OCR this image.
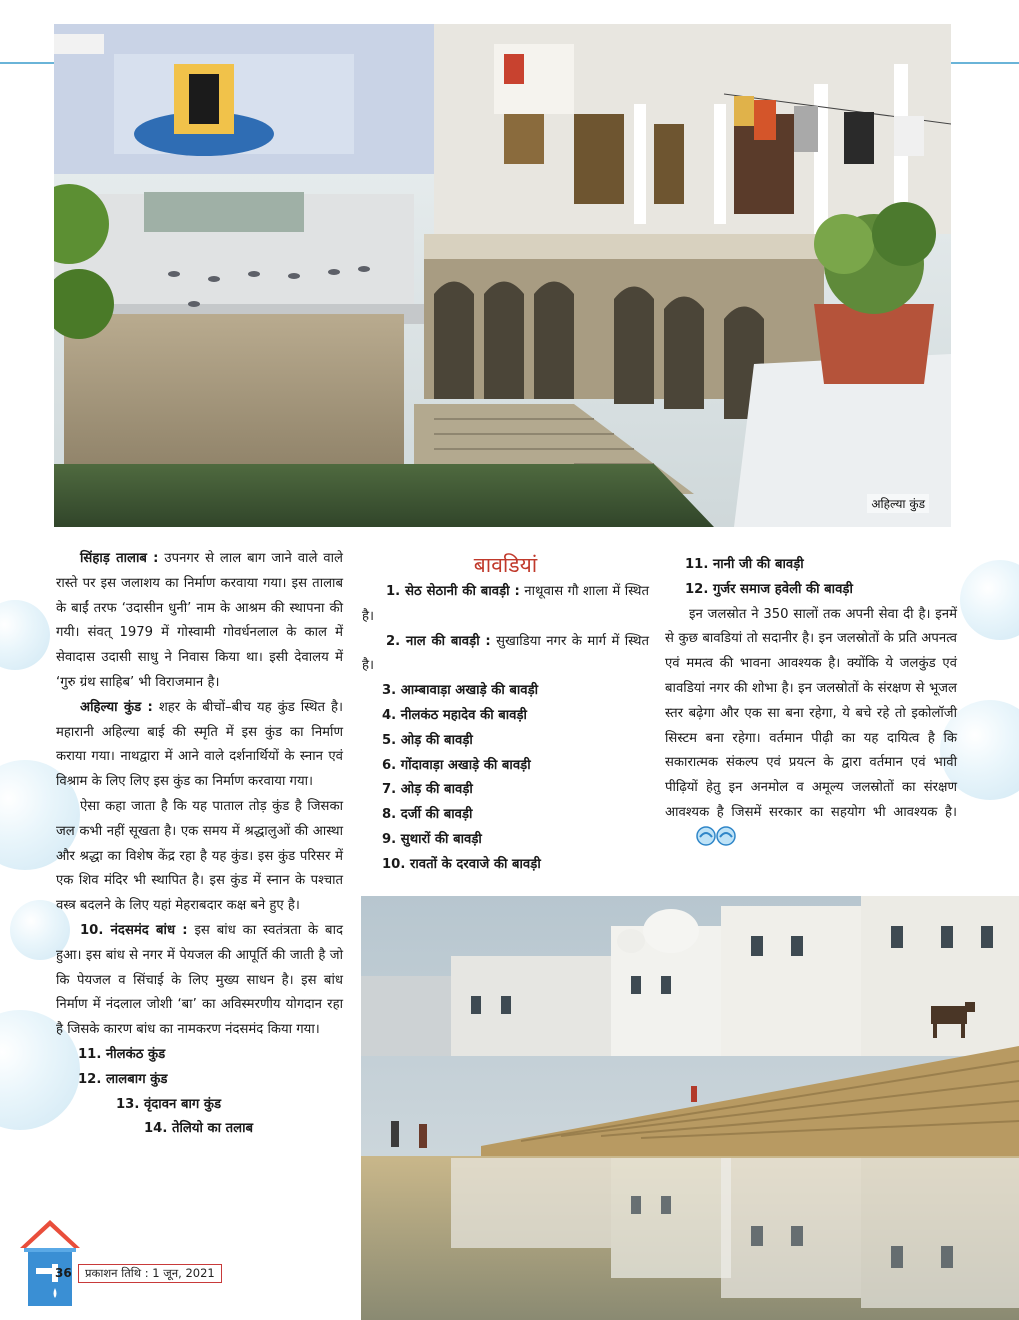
अहिल्या कुंड

सिंहाड़ तालाब : उपनगर से लाल बाग जाने वाले वाले रास्ते पर इस जलाशय का निर्माण करवाया गया। इस तालाब के बाईं तरफ ‘उदासीन धुनी’ नाम के आश्रम की स्थापना की गयी। संवत् 1979 में गोस्वामी गोवर्धनलाल के काल में सेवादास उदासी साधु ने निवास किया था। इसी देवालय में ‘गुरु ग्रंथ साहिब’ भी विराजमान है।

अहिल्या कुंड : शहर के बीचों–बीच यह कुंड स्थित है। महारानी अहिल्या बाई की स्मृति में इस कुंड का निर्माण कराया गया। नाथद्वारा में आने वाले दर्शनार्थियों के स्नान एवं विश्राम के लिए लिए इस कुंड का निर्माण करवाया गया।

ऐसा कहा जाता है कि यह पाताल तोड़ कुंड है जिसका जल कभी नहीं सूखता है। एक समय में श्रद्धालुओं की आस्था और श्रद्धा का विशेष केंद्र रहा है यह कुंड। इस कुंड परिसर में एक शिव मंदिर भी स्थापित है। इस कुंड में स्नान के पश्चात वस्त्र बदलने के लिए यहां मेहराबदार कक्ष बने हुए है।

10. नंदसमंद बांध : इस बांध का स्वतंत्रता के बाद हुआ। इस बांध से नगर में पेयजल की आपूर्ति की जाती है जो कि पेयजल व सिंचाई के लिए मुख्य साधन है। इस बांध निर्माण में नंदलाल जोशी ‘बा’ का अविस्मरणीय योगदान रहा है जिसके कारण बांध का नामकरण नंदसमंद किया गया।

11. नीलकंठ कुंड

12. लालबाग कुंड

13. वृंदावन बाग कुंड

14. तेलियो का तलाब

बावडियां

1. सेठ सेठानी की बावड़ी : नाथूवास गौ शाला में स्थित है।

2. नाल की बावड़ी : सुखाडिया नगर के मार्ग में स्थित है।

3. आम्बावाड़ा अखाड़े की बावड़ी

4. नीलकंठ महादेव की बावड़ी

5. ओड़ की बावड़ी

6. गोंदावाड़ा अखाड़े की बावड़ी

7. ओड़ की बावड़ी

8. दर्जी की बावड़ी

9. सुथारों की बावड़ी

10. रावतों के दरवाजे की बावड़ी

11. नानी जी की बावड़ी

12. गुर्जर समाज हवेली की बावड़ी

इन जलस्रोत ने 350 सालों तक अपनी सेवा दी है। इनमें से कुछ बावडियां तो सदानीर है। इन जलस्रोतों के प्रति अपनत्व एवं ममत्व की भावना आवश्यक है। क्योंकि ये जलकुंड एवं बावडियां नगर की शोभा है। इन जलस्रोतों के संरक्षण से भूजल स्तर बढ़ेगा और एक सा बना रहेगा, ये बचे रहे तो इकोलॉजी सिस्टम बना रहेगा। वर्तमान पीढ़ी का यह दायित्व है कि सकारात्मक संकल्प एवं प्रयत्न के द्वारा वर्तमान एवं भावी पीढ़ियों हेतु इन अनमोल व अमूल्य जलस्रोतों का संरक्षण आवश्यक है जिसमें सरकार का सहयोग भी आवश्यक है।

36	प्रकाशन तिथि : 1 जून, 2021
